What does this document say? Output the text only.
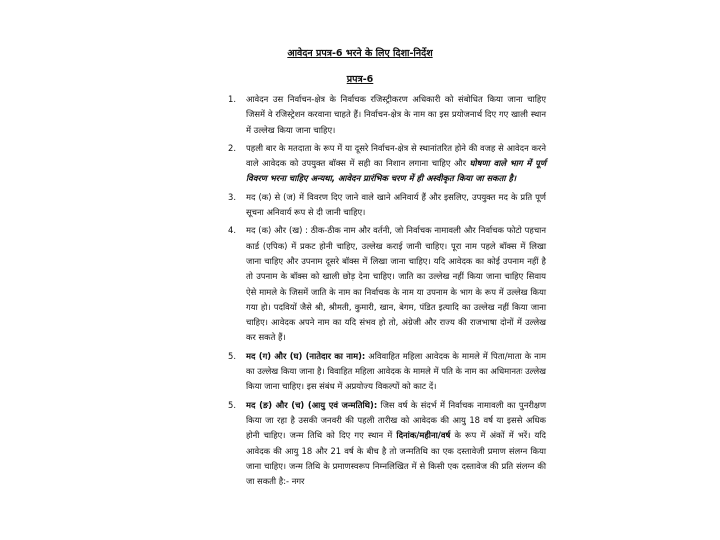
आवेदन प्रपत्र-6 भरने के लिए दिशा-निर्देश
प्रपत्र-6
1. आवेदन उस निर्वाचन-क्षेत्र के निर्वाचक रजिस्ट्रीकरण अधिकारी को संबोधित किया जाना चाहिए जिसमें वे रजिस्ट्रेशन करवाना चाहते हैं। निर्वाचन-क्षेत्र के नाम का इस प्रयोजनार्थ दिए गए खाली स्थान में उल्लेख किया जाना चाहिए।
2. पहली बार के मतदाता के रूप में या दूसरे निर्वाचन-क्षेत्र से स्थानांतरित होने की वजह से आवेदन करने वाले आवेदक को उपयुक्त बॉक्स में सही का निशान लगाना चाहिए और घोषणा वाले भाग में पूर्ण विवरण भरना चाहिए अन्यथा, आवेदन प्रारंभिक चरण में ही अस्वीकृत किया जा सकता है।
3. मद (क) से (ज) में विवरण दिए जाने वाले खाने अनिवार्य हैं और इसलिए, उपयुक्त मद के प्रति पूर्ण सूचना अनिवार्य रूप से दी जानी चाहिए।
4. मद (क) और (ख) : ठीक-ठीक नाम और वर्तनी, जो निर्वाचक नामावली और निर्वाचक फोटो पहचान कार्ड (एपिक) में प्रकट होनी चाहिए, उल्लेख कराई जानी चाहिए। पूरा नाम पहले बॉक्स में लिखा जाना चाहिए और उपनाम दूसरे बॉक्स में लिखा जाना चाहिए। यदि आवेदक का कोई उपनाम नहीं है तो उपनाम के बॉक्स को खाली छोड़ देना चाहिए। जाति का उल्लेख नहीं किया जाना चाहिए सिवाय ऐसे मामले के जिसमें जाति के नाम का निर्वाचक के नाम या उपनाम के भाग के रूप में उल्लेख किया गया हो। पदवियों जैसे श्री, श्रीमती, कुमारी, खान, बेगम, पंडित इत्यादि का उल्लेख नहीं किया जाना चाहिए। आवेदक अपने नाम का यदि संभव हो तो, अंग्रेजी और राज्य की राजभाषा दोनों में उल्लेख कर सकते हैं।
5. मद (ग) और (घ) (नातेदार का नाम): अविवाहित महिला आवेदक के मामले में पिता/माता के नाम का उल्लेख किया जाना है। विवाहित महिला आवेदक के मामले में पति के नाम का अधिमानतः उल्लेख किया जाना चाहिए। इस संबंध में अप्रयोज्य विकल्पों को काट दें।
5. मद (ङ) और (च) (आयु एवं जन्मतिथि): जिस वर्ष के संदर्भ में निर्वाचक नामावली का पुनरीक्षण किया जा रहा है उसकी जनवरी की पहली तारीख को आवेदक की आयु 18 वर्ष या इससे अधिक होनी चाहिए। जन्म तिथि को दिए गए स्थान में दिनांक/महीना/वर्ष के रूप में अंकों में भरें। यदि आवेदक की आयु 18 और 21 वर्ष के बीच है तो जन्मतिथि का एक दस्तावेजी प्रमाण संलग्न किया जाना चाहिए। जन्म तिथि के प्रमाणस्वरूप निम्नलिखित में से किसी एक दस्तावेज की प्रति संलग्न की जा सकती है:- नगर
